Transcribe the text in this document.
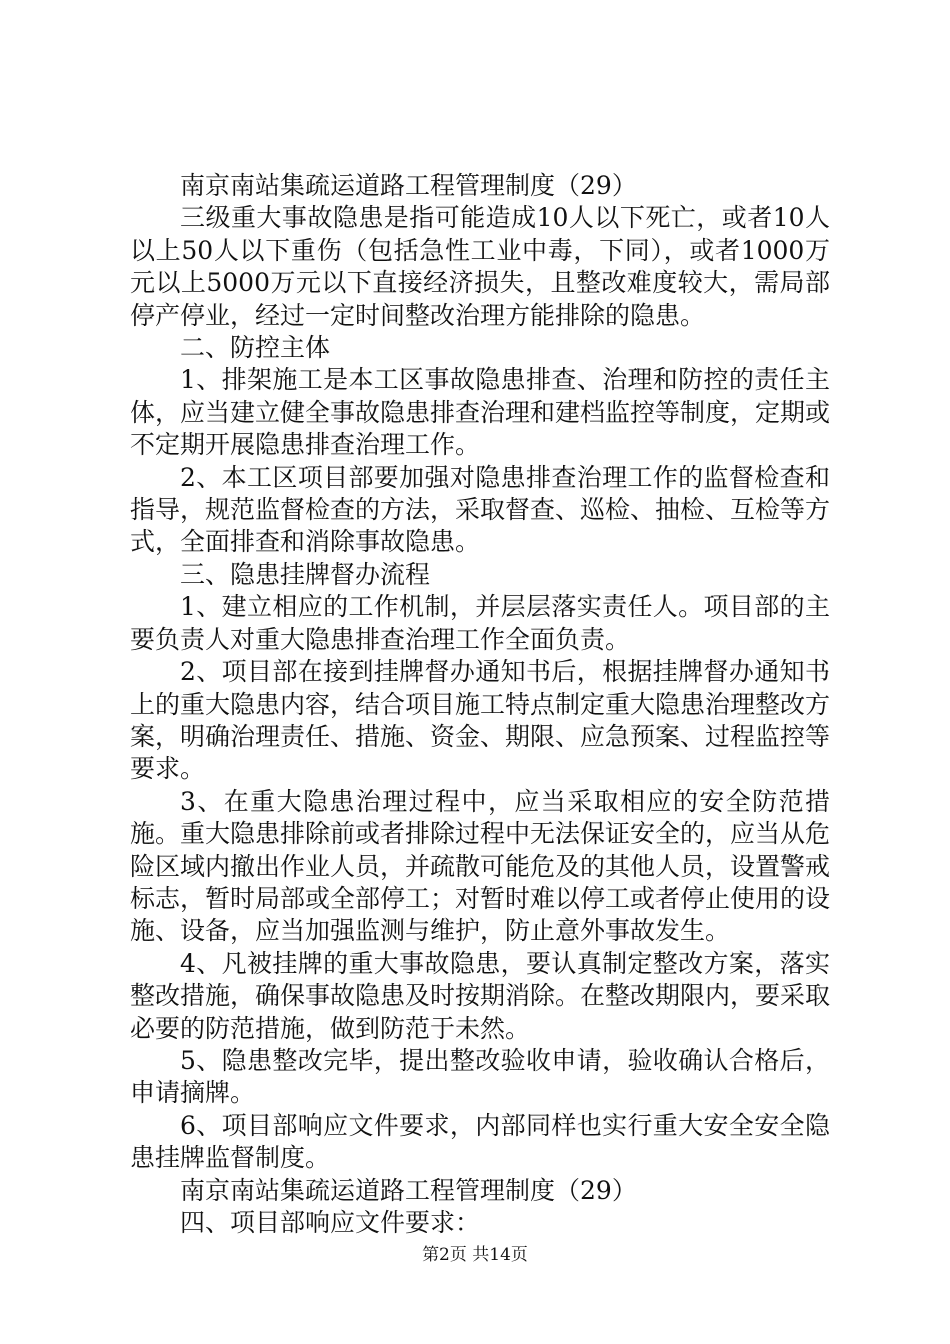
南京南站集疏运道路工程管理制度（29）

三级重大事故隐患是指可能造成10人以下死亡，或者10人以上50人以下重伤（包括急性工业中毒，下同），或者1000万元以上5000万元以下直接经济损失，且整改难度较大，需局部停产停业，经过一定时间整改治理方能排除的隐患。

二、防控主体

1、排架施工是本工区事故隐患排查、治理和防控的责任主体，应当建立健全事故隐患排查治理和建档监控等制度，定期或不定期开展隐患排查治理工作。

2、本工区项目部要加强对隐患排查治理工作的监督检查和指导，规范监督检查的方法，采取督查、巡检、抽检、互检等方式，全面排查和消除事故隐患。

三、隐患挂牌督办流程

1、建立相应的工作机制，并层层落实责任人。项目部的主要负责人对重大隐患排查治理工作全面负责。

2、项目部在接到挂牌督办通知书后，根据挂牌督办通知书上的重大隐患内容，结合项目施工特点制定重大隐患治理整改方案，明确治理责任、措施、资金、期限、应急预案、过程监控等要求。

3、在重大隐患治理过程中，应当采取相应的安全防范措施。重大隐患排除前或者排除过程中无法保证安全的，应当从危险区域内撤出作业人员，并疏散可能危及的其他人员，设置警戒标志，暂时局部或全部停工；对暂时难以停工或者停止使用的设施、设备，应当加强监测与维护，防止意外事故发生。

4、凡被挂牌的重大事故隐患，要认真制定整改方案，落实整改措施，确保事故隐患及时按期消除。在整改期限内，要采取必要的防范措施，做到防范于未然。

5、隐患整改完毕，提出整改验收申请，验收确认合格后，申请摘牌。

6、项目部响应文件要求，内部同样也实行重大安全安全隐患挂牌监督制度。

南京南站集疏运道路工程管理制度（29）

四、项目部响应文件要求：

第2页 共14页
